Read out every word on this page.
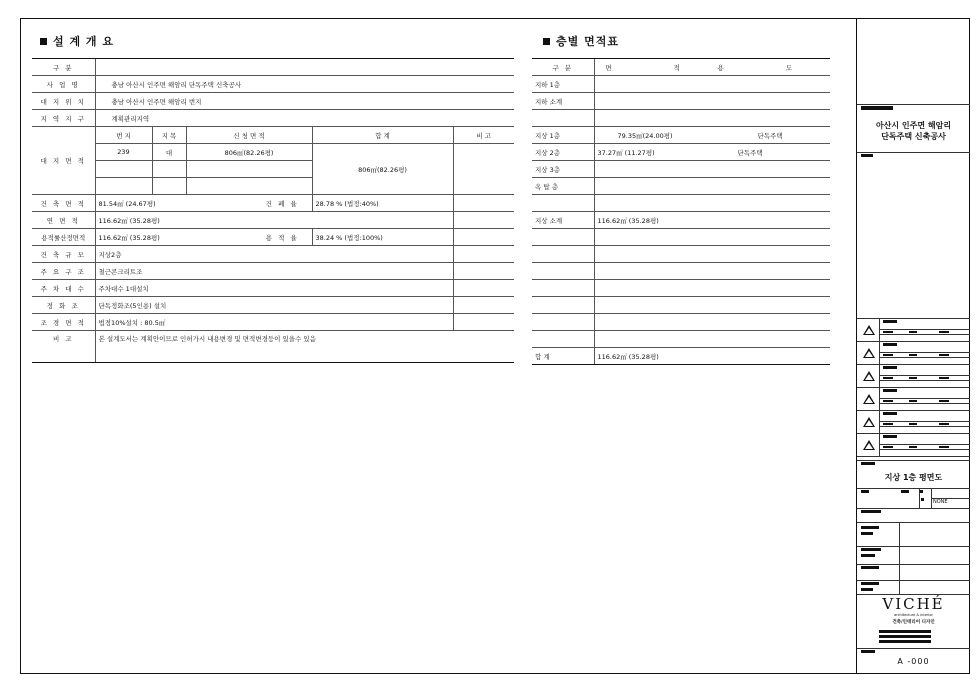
설 계 개 요
구 분						
사 업 명	충남 아산시 인주면 해암리 단독주택 신축공사					
대 지 위 치	충남 아산시 인주면 해암리 번지					
지 역 지 구	계획관리지역					
대 지 면 적	번 지	지 목	신 청 면 적		합 계	비 고
	239	대	806㎡(82.26평)		806㎡(82.26평)	

건 축 면 적	81.54㎡ (24.67평)			건 폐 율	28.78 % (법정:40%)	
연 면 적	116.62㎡ (35.28평)					
용적률산정면적	116.62㎡ (35.28평)			용 적 율	38.24 % (법정:100%)	
건 축 규 모	지상2층					
주 요 구 조	철근콘크리트조					
주 차 대 수	주차대수 1대설치					
정 화 조	단독정화조(5인용) 설치					
조 경 면 적	법정10%설치 : 80.5㎡					
비 고	본 설계도서는 계획안이므로 인허가시 내용변경 및 면적변경등이 있을수 있음					
층별 면적표
구 분	면 적 용 도
지하 1층	
지하 소계	

지상 1층	79.35㎡(24.00평) 단독주택
지상 2층	37.27㎡ (11.27평) 단독주택
지상 3층	
옥 탑 층	

지상 소계	116.62㎡ (35.28평)

합 계	116.62㎡ (35.28평)
아산시 인주면 해암리
단독주택 신축공사
지상 1층 평면도
NONE
VICHÉ
architecture & interior
건축/인테리어 디자인
A -000
